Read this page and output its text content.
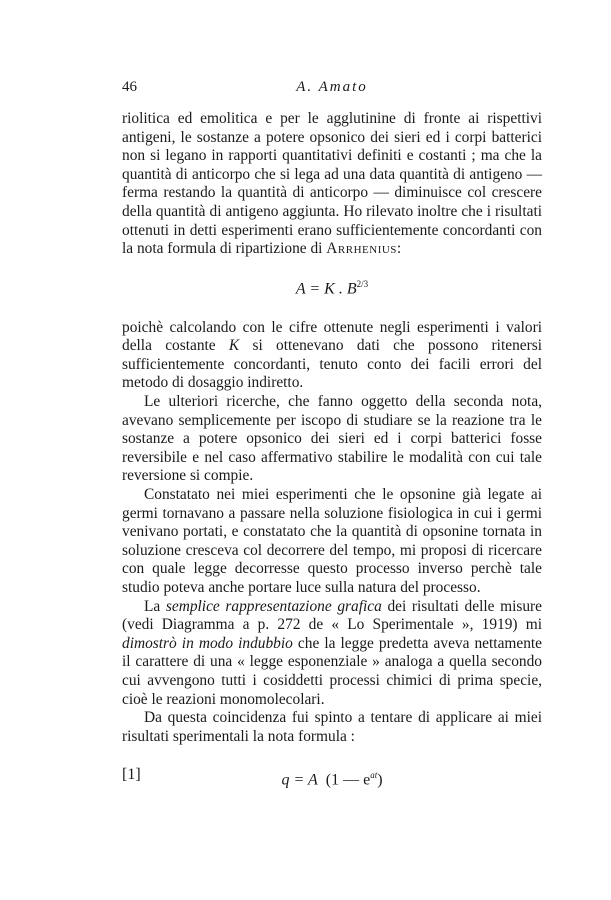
46	A. Amato

riolitica ed emolitica e per le agglutinine di fronte ai rispettivi antigeni, le sostanze a potere opsonico dei sieri ed i corpi batterici non si legano in rapporti quantitativi definiti e costanti ; ma che la quantità di anticorpo che si lega ad una data quantità di antigeno — ferma restando la quantità di anticorpo — diminuisce col crescere della quantità di antigeno aggiunta. Ho rilevato inoltre che i risultati ottenuti in detti esperimenti erano sufficientemente concordanti con la nota formula di ripartizione di Arrhenius:

A = K . $B^{2/3}$

poichè calcolando con le cifre ottenute negli esperimenti i valori della costante K si ottenevano dati che possono ritenersi sufficientemente concordanti, tenuto conto dei facili errori del metodo di dosaggio indiretto.

Le ulteriori ricerche, che fanno oggetto della seconda nota, avevano semplicemente per iscopo di studiare se la reazione tra le sostanze a potere opsonico dei sieri ed i corpi batterici fosse reversibile e nel caso affermativo stabilire le modalità con cui tale reversione si compie.

Constatato nei miei esperimenti che le opsonine già legate ai germi tornavano a passare nella soluzione fisiologica in cui i germi venivano portati, e constatato che la quantità di opsonine tornata in soluzione cresceva col decorrere del tempo, mi proposi di ricercare con quale legge decorresse questo processo inverso perchè tale studio poteva anche portare luce sulla natura del processo.

La semplice rappresentazione grafica dei risultati delle misure (vedi Diagramma a p. 272 de « Lo Sperimentale », 1919) mi dimostrò in modo indubbio che la legge predetta aveva nettamente il carattere di una « legge esponenziale » analoga a quella secondo cui avvengono tutti i cosiddetti processi chimici di prima specie, cioè le reazioni monomolecolari.

Da questa coincidenza fui spinto a tentare di applicare ai miei risultati sperimentali la nota formula :

[1]	q = A (1 — $e^{at}$)
